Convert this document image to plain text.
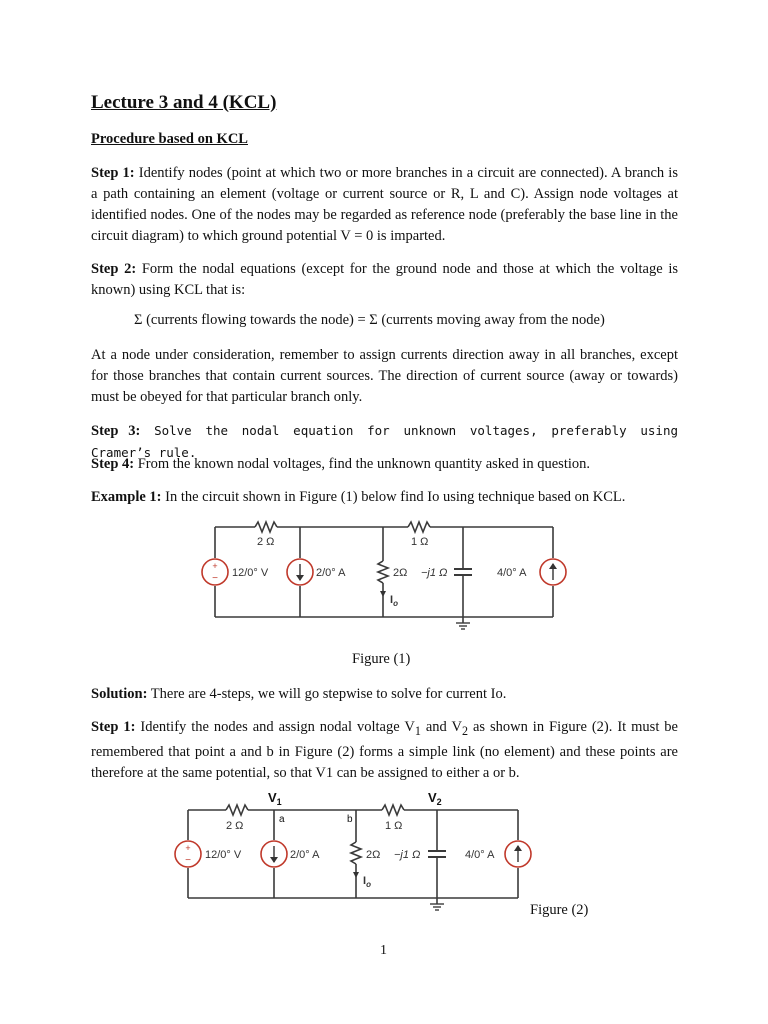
Lecture 3 and 4 (KCL)
Procedure based on KCL

Step 1: Identify nodes (point at which two or more branches in a circuit are connected). A branch is a path containing an element (voltage or current source or R, L and C). Assign node voltages at identified nodes. One of the nodes may be regarded as reference node (preferably the base line in the circuit diagram) to which ground potential V = 0 is imparted.

Step 2: Form the nodal equations (except for the ground node and those at which the voltage is known) using KCL that is:

Σ (currents flowing towards the node) = Σ (currents moving away from the node)

At a node under consideration, remember to assign currents direction away in all branches, except for those branches that contain current sources. The direction of current source (away or towards) must be obeyed for that particular branch only.

Step 3: Solve the nodal equation for unknown voltages, preferably using Cramer’s rule.

Step 4: From the known nodal voltages, find the unknown quantity asked in question.

Example 1: In the circuit shown in Figure (1) below find Io using technique based on KCL.

+
−
2 Ω	1 Ω
12/0° V	2/0° A	2Ω −j1 Ω	4/0° A
$I_o$

Figure (1)

Solution: There are 4-steps, we will go stepwise to solve for current Io.

Step 1: Identify the nodes and assign nodal voltage $V_1$ and $V_2$ as shown in Figure (2). It must be remembered that point a and b in Figure (2) forms a simple link (no element) and these points are therefore at the same potential, so that V1 can be assigned to either a or b.

+
−
$V_1$	$V_2$
a	b
2 Ω	1 Ω
12/0° V	2/0° A	2Ω −j1 Ω	4/0° A
$I_o$

Figure (2)

1
